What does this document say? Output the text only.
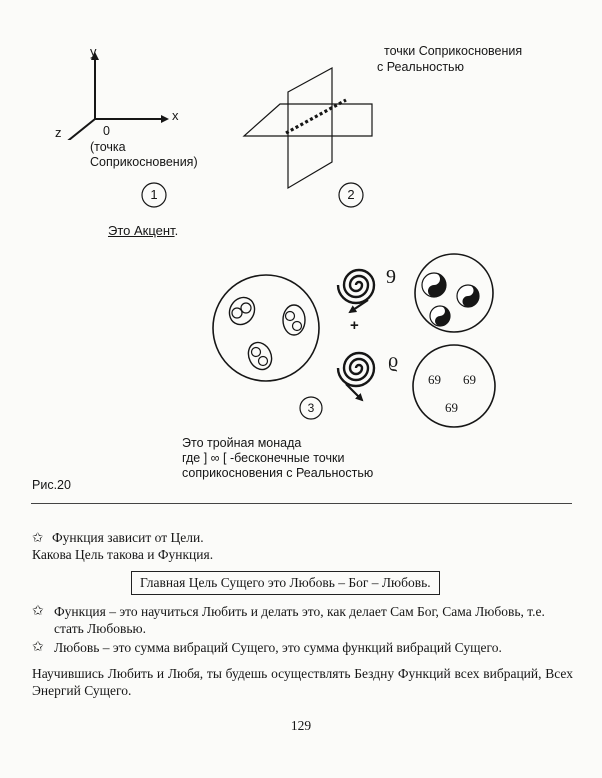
y
x
z	0
(точка
Соприкосновения)
1
точки Соприкосновения
с Реальностью
2
Это Акцент.
9
+
ϱ
69 69
69
3
Это тройная монада
где ] ∞ [ -бесконечные точки
соприкосновения с Реальностью
Рис.20
✩ Функция зависит от Цели.
Какова Цель такова и Функция.
Главная Цель Сущего это Любовь – Бог – Любовь.
✩ Функция – это научиться Любить и делать это, как делает Сам Бог, Сама Любовь, т.е. стать Любовью.
✩ Любовь – это сумма вибраций Сущего, это сумма функций вибраций Сущего.
Научившись Любить и Любя, ты будешь осуществлять Бездну Функций всех вибраций, Всех Энергий Сущего.
129
